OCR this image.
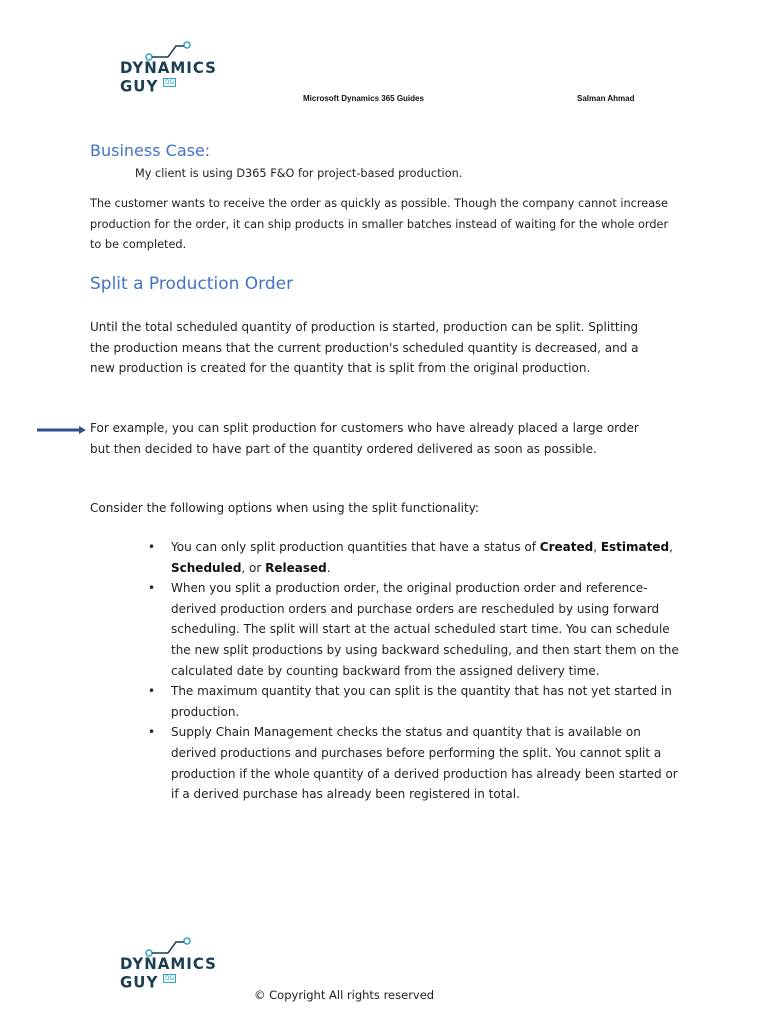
DYNAMICS GUY	DG
Microsoft Dynamics 365 Guides	Salman Ahmad
Business Case:

My client is using D365 F&O for project-based production.

The customer wants to receive the order as quickly as possible. Though the company cannot increase production for the order, it can ship products in smaller batches instead of waiting for the whole order to be completed.

Split a Production Order

Until the total scheduled quantity of production is started, production can be split. Splitting the production means that the current production's scheduled quantity is decreased, and a new production is created for the quantity that is split from the original production.

For example, you can split production for customers who have already placed a large order but then decided to have part of the quantity ordered delivered as soon as possible.

Consider the following options when using the split functionality:

• You can only split production quantities that have a status of Created, Estimated, Scheduled, or Released.
• When you split a production order, the original production order and reference-derived production orders and purchase orders are rescheduled by using forward scheduling. The split will start at the actual scheduled start time. You can schedule the new split productions by using backward scheduling, and then start them on the calculated date by counting backward from the assigned delivery time.
• The maximum quantity that you can split is the quantity that has not yet started in production.
• Supply Chain Management checks the status and quantity that is available on derived productions and purchases before performing the split. You cannot split a production if the whole quantity of a derived production has already been started or if a derived purchase has already been registered in total.
DYNAMICS GUY	DG
© Copyright All rights reserved
